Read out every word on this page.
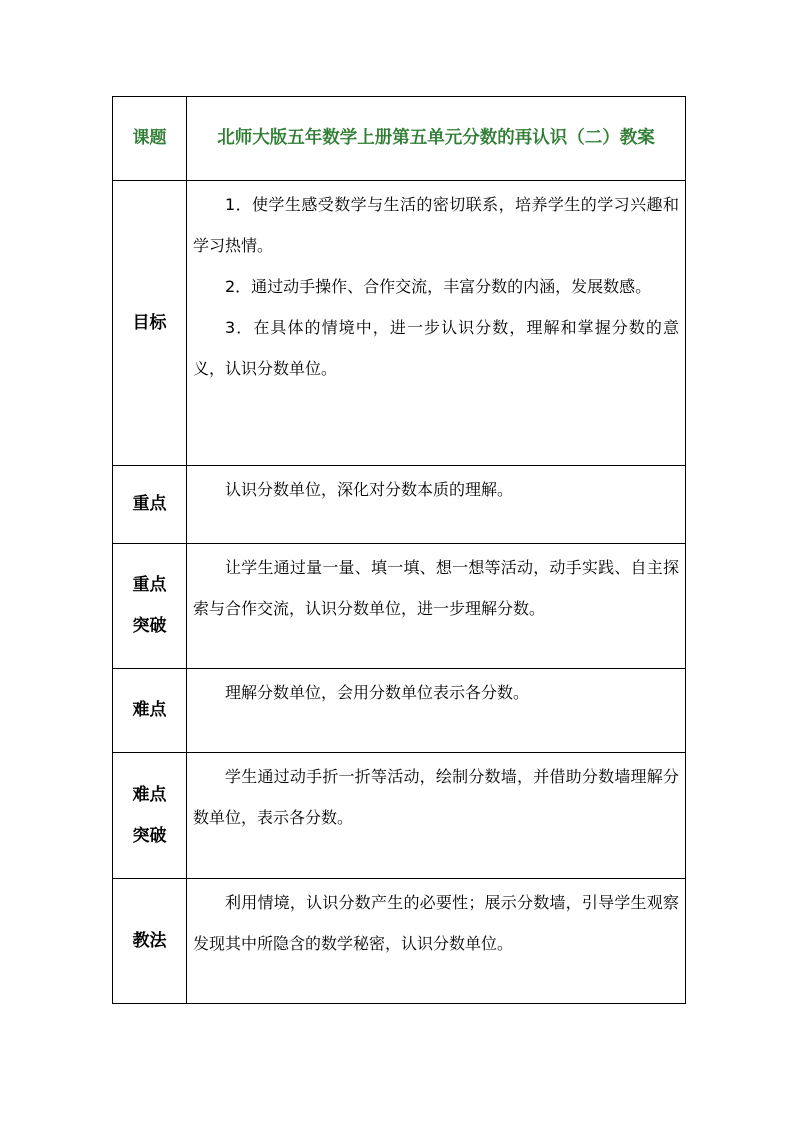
课题	北师大版五年数学上册第五单元分数的再认识（二）教案
目标	1．使学生感受数学与生活的密切联系，培养学生的学习兴趣和学习热情。

2．通过动手操作、合作交流，丰富分数的内涵，发展数感。

3．在具体的情境中，进一步认识分数，理解和掌握分数的意义，认识分数单位。

重点	认识分数单位，深化对分数本质的理解。

重点
突破	让学生通过量一量、填一填、想一想等活动，动手实践、自主探索与合作交流，认识分数单位，进一步理解分数。

难点	理解分数单位，会用分数单位表示各分数。

难点
突破	学生通过动手折一折等活动，绘制分数墙，并借助分数墙理解分数单位，表示各分数。

教法	利用情境，认识分数产生的必要性；展示分数墙，引导学生观察发现其中所隐含的数学秘密，认识分数单位。
